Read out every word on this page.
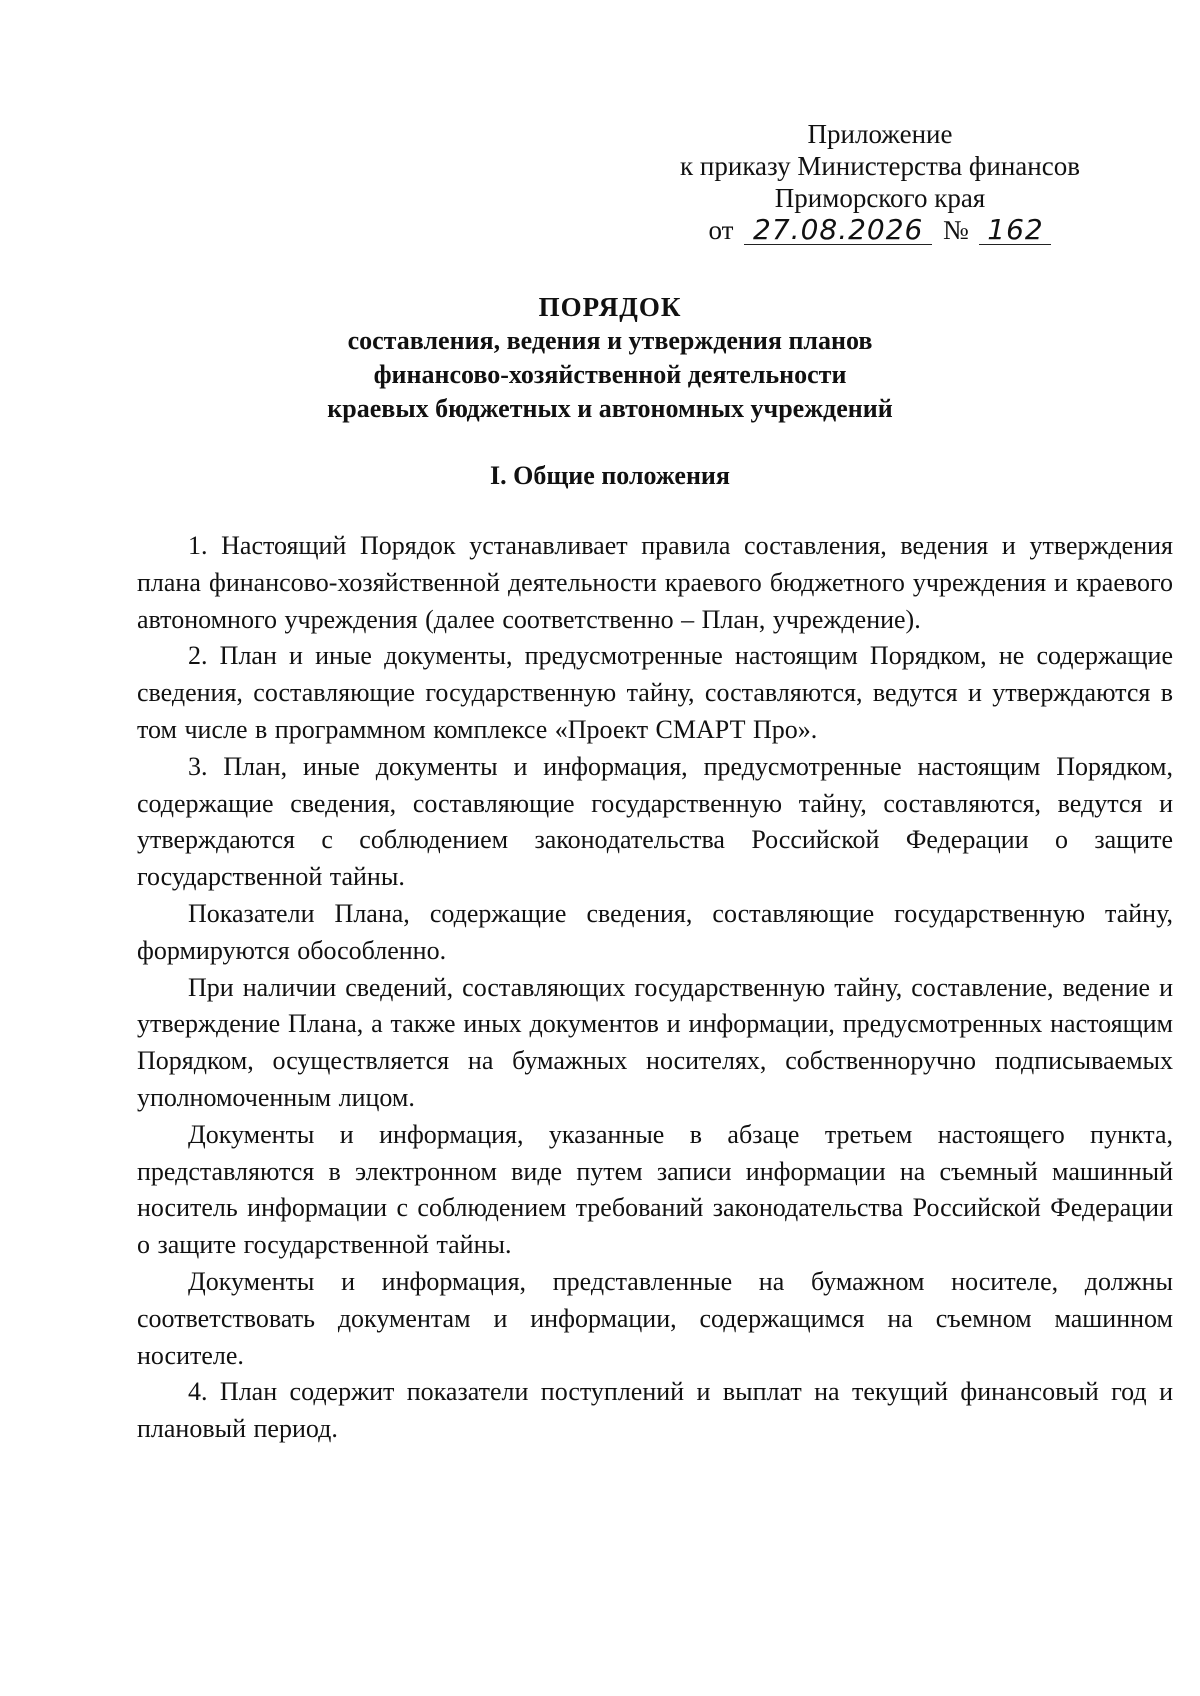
Приложение
к приказу Министерства финансов
Приморского края
от 27.08.2026 № 162
ПОРЯДОК
составления, ведения и утверждения планов
финансово-хозяйственной деятельности
краевых бюджетных и автономных учреждений
I. Общие положения

1. Настоящий Порядок устанавливает правила составления, ведения и утверждения плана финансово-хозяйственной деятельности краевого бюджетного учреждения и краевого автономного учреждения (далее соответственно – План, учреждение).

2. План и иные документы, предусмотренные настоящим Порядком, не содержащие сведения, составляющие государственную тайну, составляются, ведутся и утверждаются в том числе в программном комплексе «Проект СМАРТ Про».

3. План, иные документы и информация, предусмотренные настоящим Порядком, содержащие сведения, составляющие государственную тайну, составляются, ведутся и утверждаются с соблюдением законодательства Российской Федерации о защите государственной тайны.

Показатели Плана, содержащие сведения, составляющие государственную тайну, формируются обособленно.

При наличии сведений, составляющих государственную тайну, составление, ведение и утверждение Плана, а также иных документов и информации, предусмотренных настоящим Порядком, осуществляется на бумажных носителях, собственноручно подписываемых уполномоченным лицом.

Документы и информация, указанные в абзаце третьем настоящего пункта, представляются в электронном виде путем записи информации на съемный машинный носитель информации с соблюдением требований законодательства Российской Федерации о защите государственной тайны.

Документы и информация, представленные на бумажном носителе, должны соответствовать документам и информации, содержащимся на съемном машинном носителе.

4. План содержит показатели поступлений и выплат на текущий финансовый год и плановый период.
